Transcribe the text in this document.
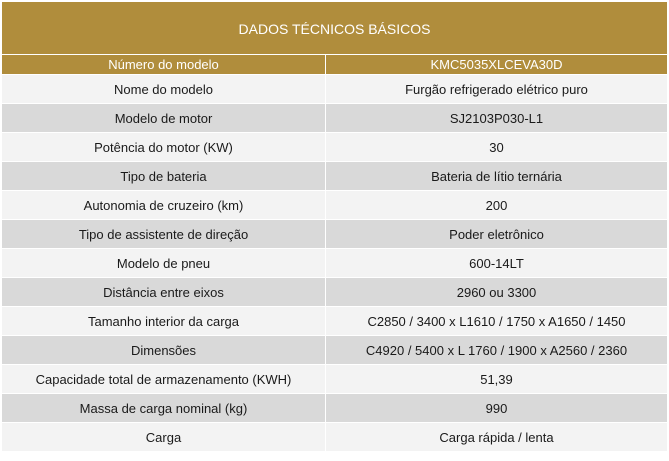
DADOS TÉCNICOS BÁSICOS	
Número do modelo	KMC5035XLCEVA30D
Nome do modelo	Furgão refrigerado elétrico puro
Modelo de motor	SJ2103P030-L1
Potência do motor (KW)	30
Tipo de bateria	Bateria de lítio ternária
Autonomia de cruzeiro (km)	200
Tipo de assistente de direção	Poder eletrônico
Modelo de pneu	600-14LT
Distância entre eixos	2960 ou 3300
Tamanho interior da carga	C2850 / 3400 x L1610 / 1750 x A1650 / 1450
Dimensões	C4920 / 5400 x L 1760 / 1900 x A2560 / 2360
Capacidade total de armazenamento (KWH)	51,39
Massa de carga nominal (kg)	990
Carga	Carga rápida / lenta
